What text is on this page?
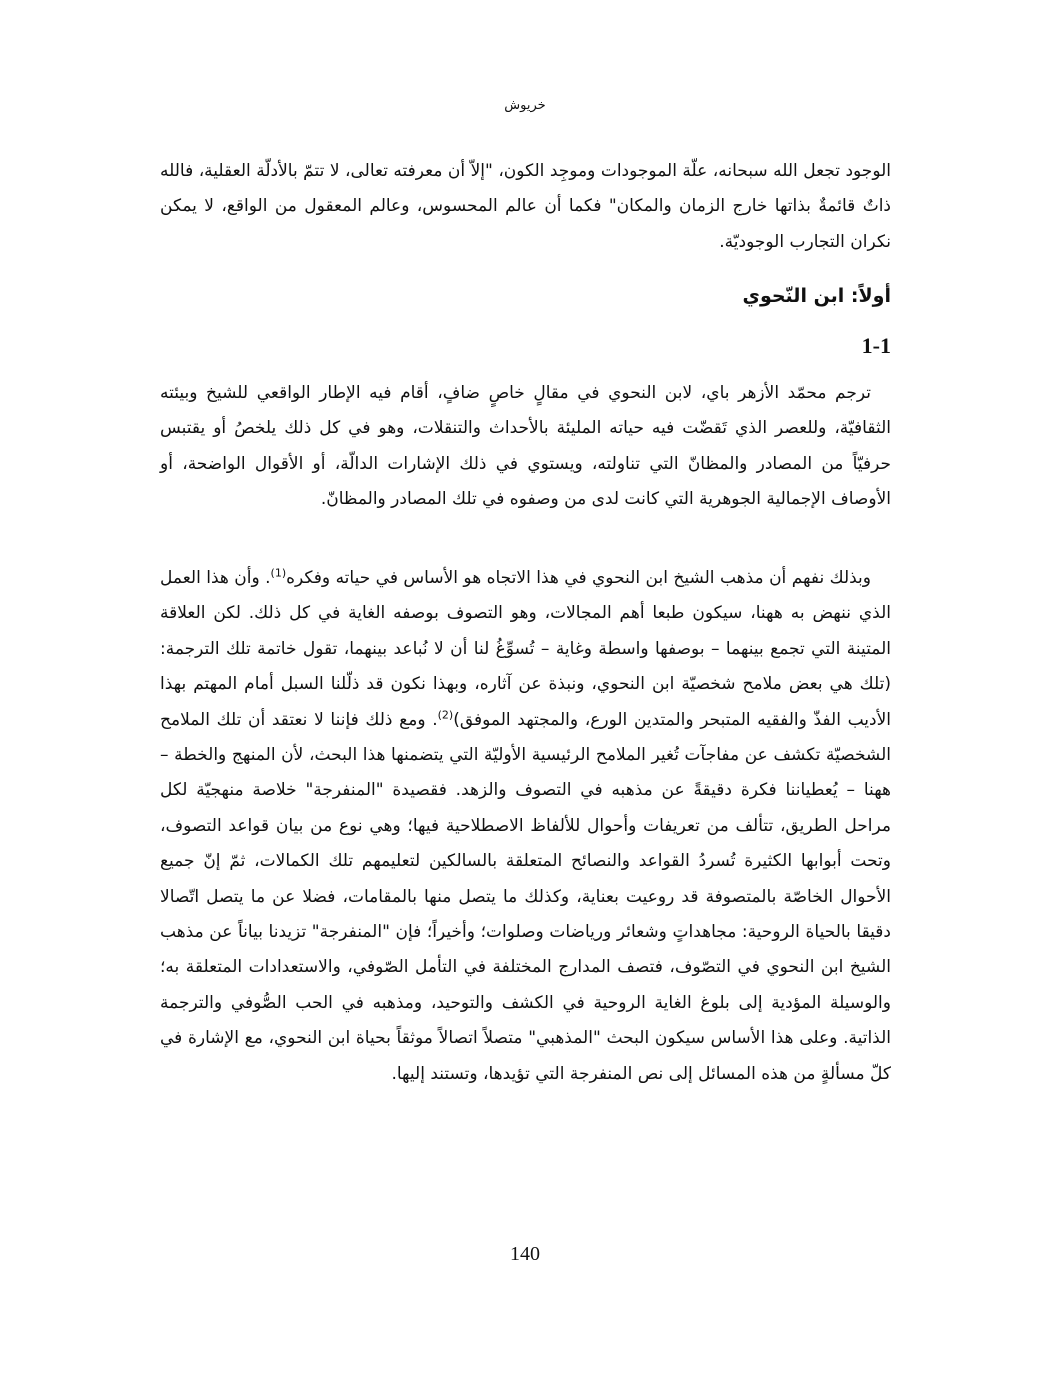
خريوش

الوجود تجعل الله سبحانه، علّة الموجودات وموجِد الكون، "إلاّ أن معرفته تعالى، لا تتمّ بالأدلّة العقلية، فالله ذاتٌ قائمةٌ بذاتها خارج الزمان والمكان" فكما أن عالم المحسوس، وعالم المعقول من الواقع، لا يمكن نكران التجارب الوجوديّة.

أولاً: ابن النّحوي
1-1

ترجم محمّد الأزهر باي، لابن النحوي في مقالٍ خاصٍ ضافٍ، أقام فيه الإطار الواقعي للشيخ وبيئته الثقافيّة، وللعصر الذي تَقضّت فيه حياته المليئة بالأحداث والتنقلات، وهو في كل ذلك يلخصُ أو يقتبس حرفيّاً من المصادر والمظانّ التي تناولته، ويستوي في ذلك الإشارات الدالّة، أو الأقوال الواضحة، أو الأوصاف الإجمالية الجوهرية التي كانت لدى من وصفوه في تلك المصادر والمظانّ.

وبذلك نفهم أن مذهب الشيخ ابن النحوي في هذا الاتجاه هو الأساس في حياته وفكره$^{(1)}$. وأن هذا العمل الذي ننهض به ههنا، سيكون طبعا أهم المجالات، وهو التصوف بوصفه الغاية في كل ذلك. لكن العلاقة المتينة التي تجمع بينهما – بوصفها واسطة وغاية – تُسوِّغُ لنا أن لا نُباعد بينهما، تقول خاتمة تلك الترجمة: (تلك هي بعض ملامح شخصيّة ابن النحوي، ونبذة عن آثاره، وبهذا نكون قد ذلّلنا السبل أمام المهتم بهذا الأديب الفذّ والفقيه المتبحر والمتدين الورع، والمجتهد الموفق)$^{(2)}$. ومع ذلك فإننا لا نعتقد أن تلك الملامح الشخصيّة تكشف عن مفاجآت تُغير الملامح الرئيسية الأوليّة التي يتضمنها هذا البحث، لأن المنهج والخطة – ههنا – يُعطياننا فكرة دقيقةً عن مذهبه في التصوف والزهد. فقصيدة "المنفرجة" خلاصة منهجيّة لكل مراحل الطريق، تتألف من تعريفات وأحوال للألفاظ الاصطلاحية فيها؛ وهي نوع من بيان قواعد التصوف، وتحت أبوابها الكثيرة تُسردُ القواعد والنصائح المتعلقة بالسالكين لتعليمهم تلك الكمالات، ثمّ إنّ جميع الأحوال الخاصّة بالمتصوفة قد روعيت بعناية، وكذلك ما يتصل منها بالمقامات، فضلا عن ما يتصل اتّصالا دقيقا بالحياة الروحية: مجاهداتٍ وشعائر ورياضات وصلوات؛ وأخيراً؛ فإن "المنفرجة" تزيدنا بياناً عن مذهب الشيخ ابن النحوي في التصّوف، فتصف المدارج المختلفة في التأمل الصّوفي، والاستعدادات المتعلقة به؛ والوسيلة المؤدية إلى بلوغ الغاية الروحية في الكشف والتوحيد، ومذهبه في الحب الصُّوفي والترجمة الذاتية. وعلى هذا الأساس سيكون البحث "المذهبي" متصلاً اتصالاً موثقاً بحياة ابن النحوي، مع الإشارة في كلّ مسألةٍ من هذه المسائل إلى نص المنفرجة التي تؤيدها، وتستند إليها.

140
